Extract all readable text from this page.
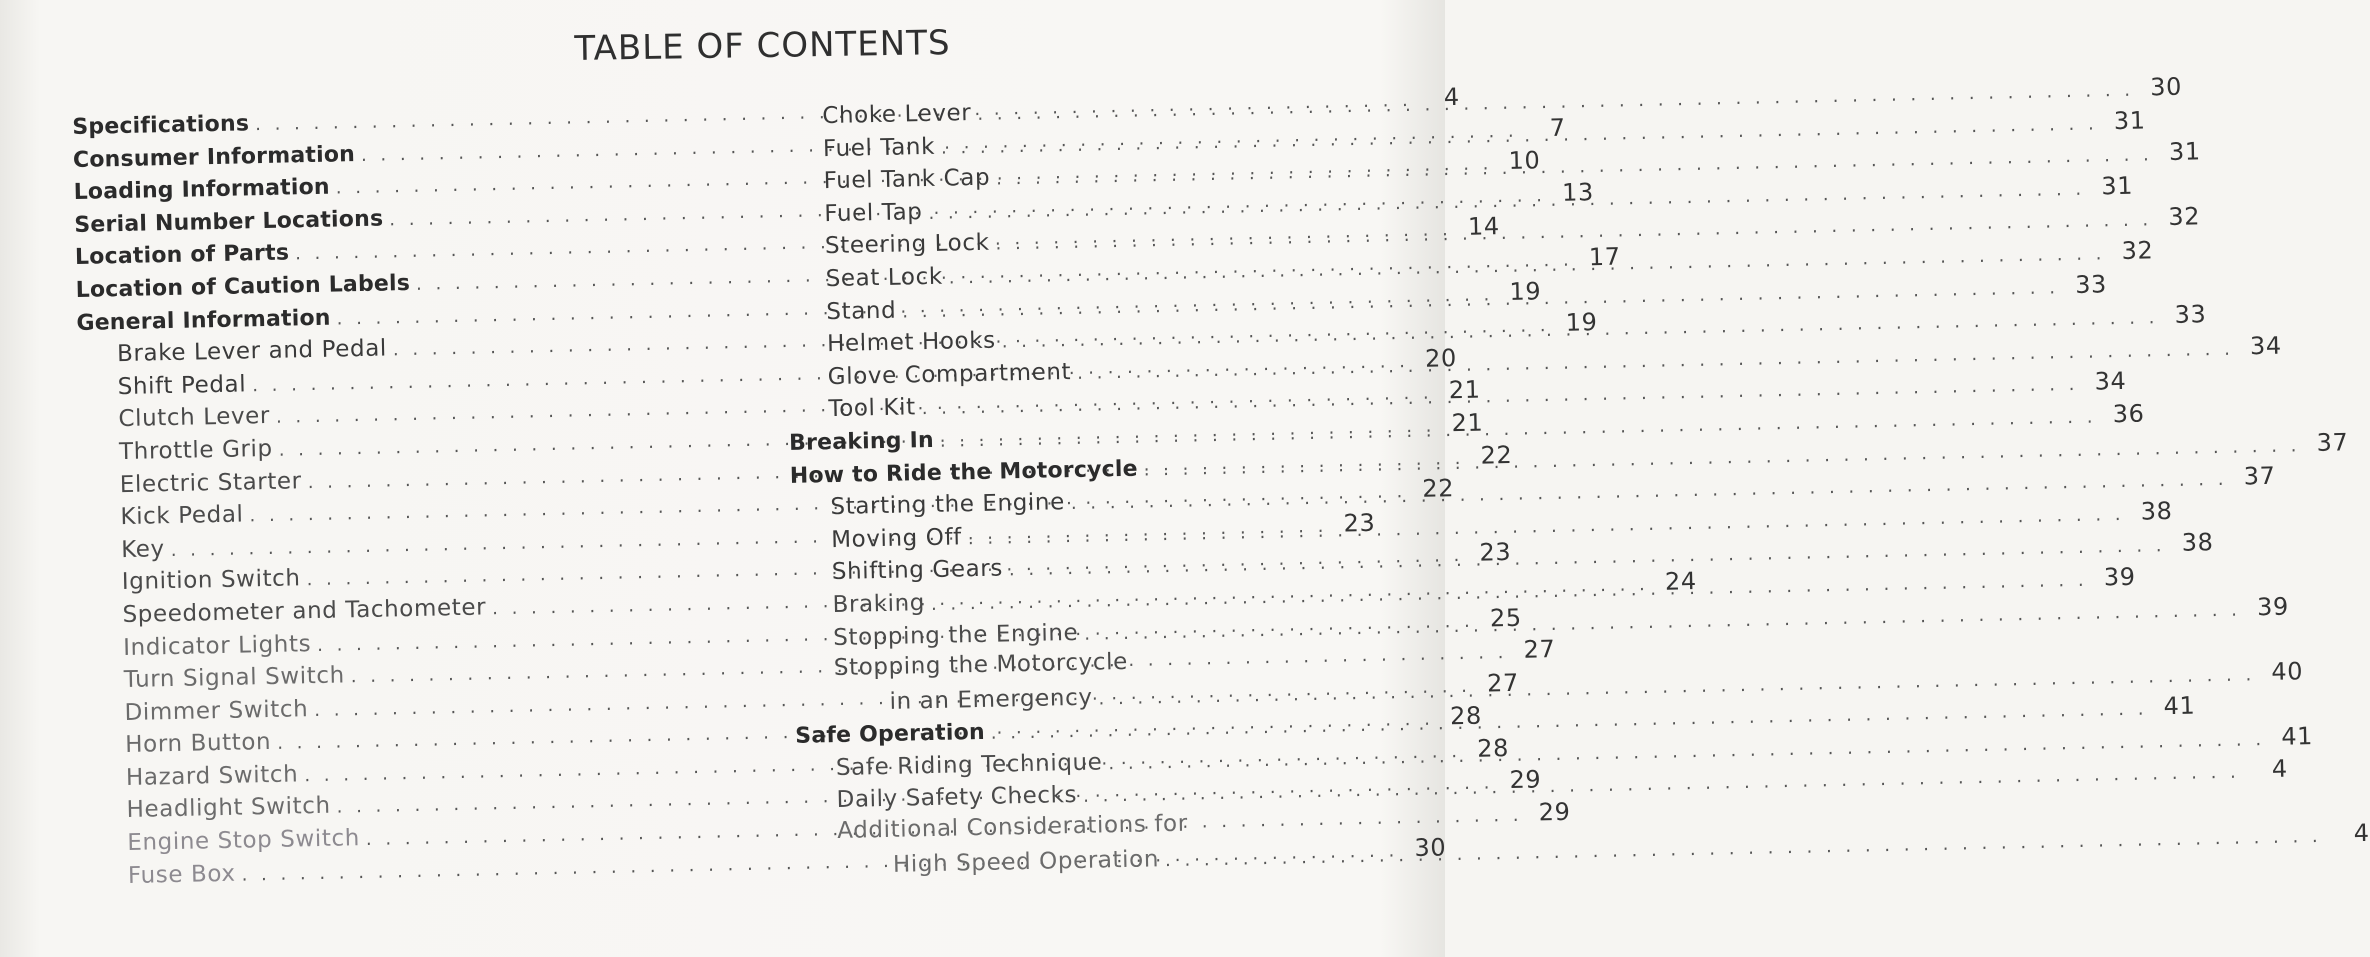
TABLE OF CONTENTS
Specifications
. . .
4
Consumer Information
. . .
7
Loading Information
. . .
10
Serial Number Locations
. . .
13
Location of Parts
. . .
14
Location of Caution Labels
. . .
17
General Information
. . .
19
Brake Lever and Pedal
. . .
19
Shift Pedal
. . .
20
Clutch Lever
. . .
21
Throttle Grip
. . .
21
Electric Starter
. . .
22
Kick Pedal
. . .
22
Key
. . .
23
Ignition Switch
. . .
23
Speedometer and Tachometer
. . .
24
Indicator Lights
. . .
25
Turn Signal Switch
. . .
27
Dimmer Switch
. . .
27
Horn Button
. . .
28
Hazard Switch
. . .
28
Headlight Switch
. . .
29
Engine Stop Switch
. . .
29
Fuse Box
. . .
30
Choke Lever
. . .
30
Fuel Tank
. . .
31
Fuel Tank Cap
. . .
31
Fuel Tap
. . .
31
Steering Lock
. . .
32
Seat Lock
. . .
32
Stand
. . .
33
Helmet Hooks
. . .
33
Glove Compartment
. . .
34
Tool Kit
. . .
34
Breaking In
. . .
36
How to Ride the Motorcycle
. . .
37
Starting the Engine
. . .
37
Moving Off
. . .
38
Shifting Gears
. . .
38
Braking
. . .
39
Stopping the Engine
. . .
39
Stopping the Motorcycle
in an Emergency
. . .
40
Safe Operation
. . .
41
Safe Riding Technique
. . .
41
Daily Safety Checks
. . .
4
Additional Considerations for
High Speed Operation
. . .
4
